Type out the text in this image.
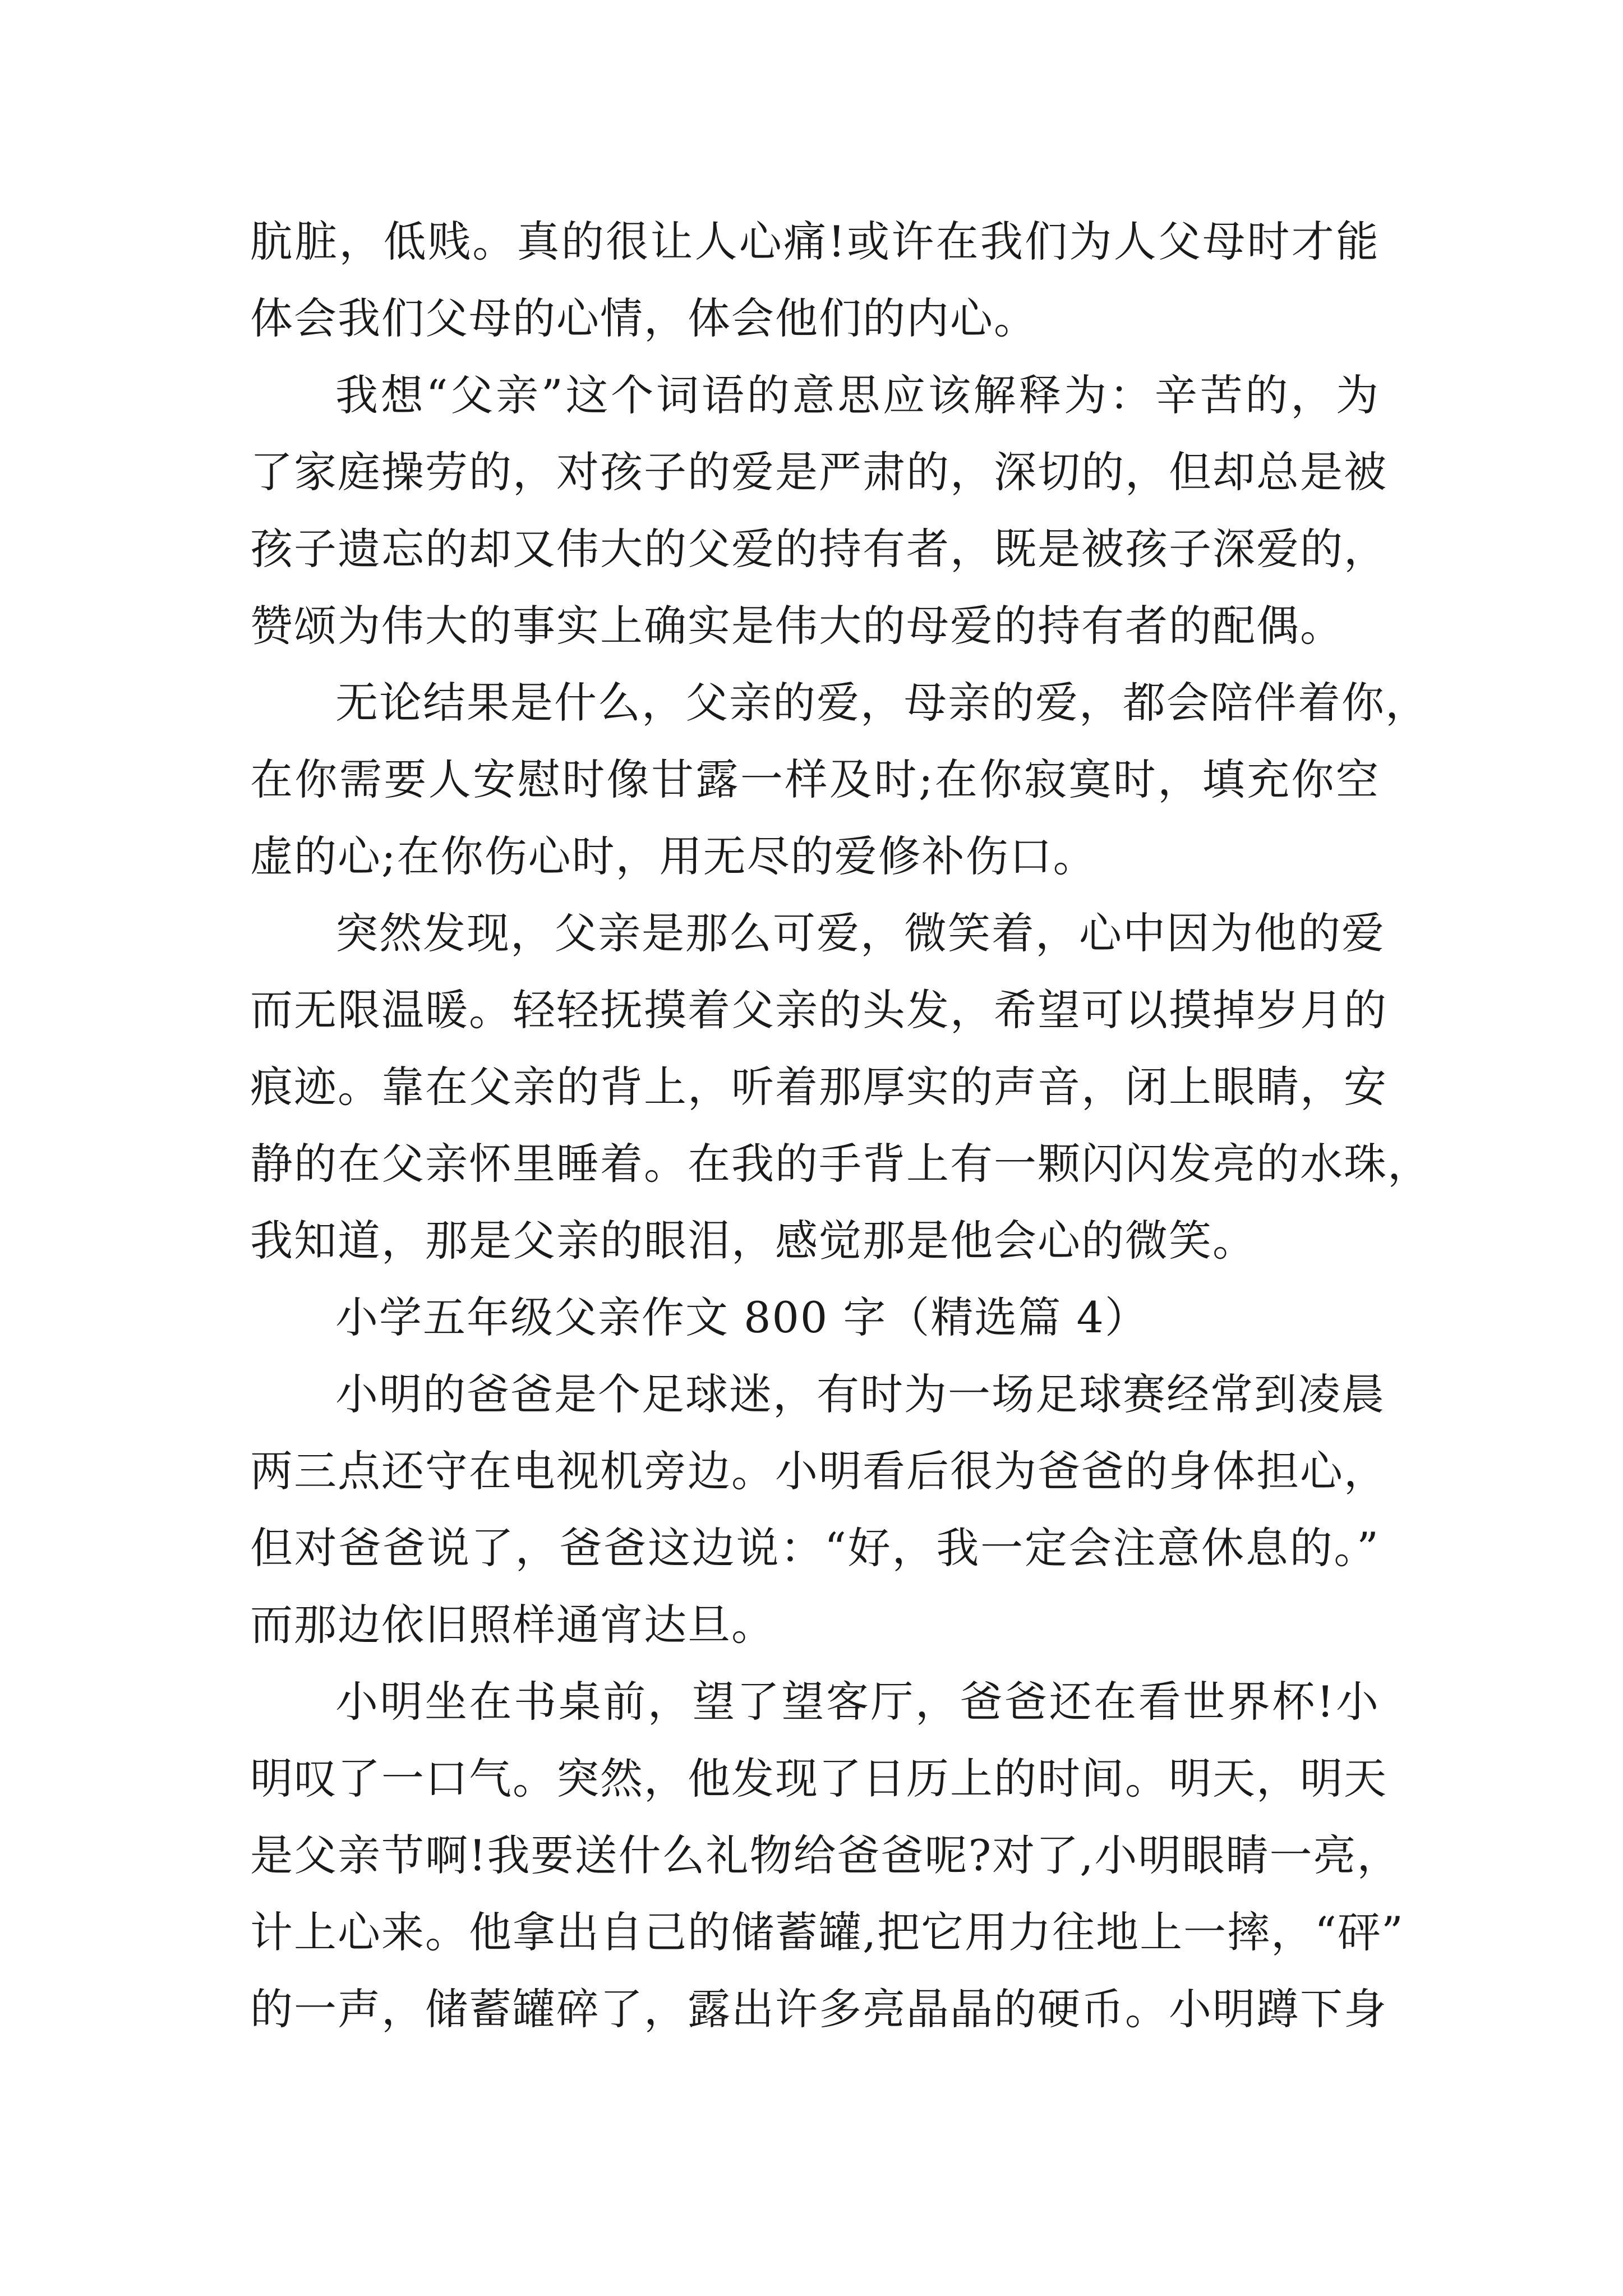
肮脏，低贱。真的很让人心痛!或许在我们为人父母时才能
体会我们父母的心情，体会他们的内心。
我想“父亲”这个词语的意思应该解释为：辛苦的，为
了家庭操劳的，对孩子的爱是严肃的，深切的，但却总是被
孩子遗忘的却又伟大的父爱的持有者，既是被孩子深爱的，
赞颂为伟大的事实上确实是伟大的母爱的持有者的配偶。
无论结果是什么，父亲的爱，母亲的爱，都会陪伴着你，
在你需要人安慰时像甘露一样及时;在你寂寞时，填充你空
虚的心;在你伤心时，用无尽的爱修补伤口。
突然发现，父亲是那么可爱，微笑着，心中因为他的爱
而无限温暖。轻轻抚摸着父亲的头发，希望可以摸掉岁月的
痕迹。靠在父亲的背上，听着那厚实的声音，闭上眼睛，安
静的在父亲怀里睡着。在我的手背上有一颗闪闪发亮的水珠，
我知道，那是父亲的眼泪，感觉那是他会心的微笑。
小学五年级父亲作文 800 字（精选篇 4）
小明的爸爸是个足球迷，有时为一场足球赛经常到凌晨
两三点还守在电视机旁边。小明看后很为爸爸的身体担心，
但对爸爸说了，爸爸这边说：“好，我一定会注意休息的。”
而那边依旧照样通宵达旦。
小明坐在书桌前，望了望客厅，爸爸还在看世界杯!小
明叹了一口气。突然，他发现了日历上的时间。明天，明天
是父亲节啊!我要送什么礼物给爸爸呢?对了,小明眼睛一亮，
计上心来。他拿出自己的储蓄罐,把它用力往地上一摔，“砰”
的一声，储蓄罐碎了，露出许多亮晶晶的硬币。小明蹲下身
